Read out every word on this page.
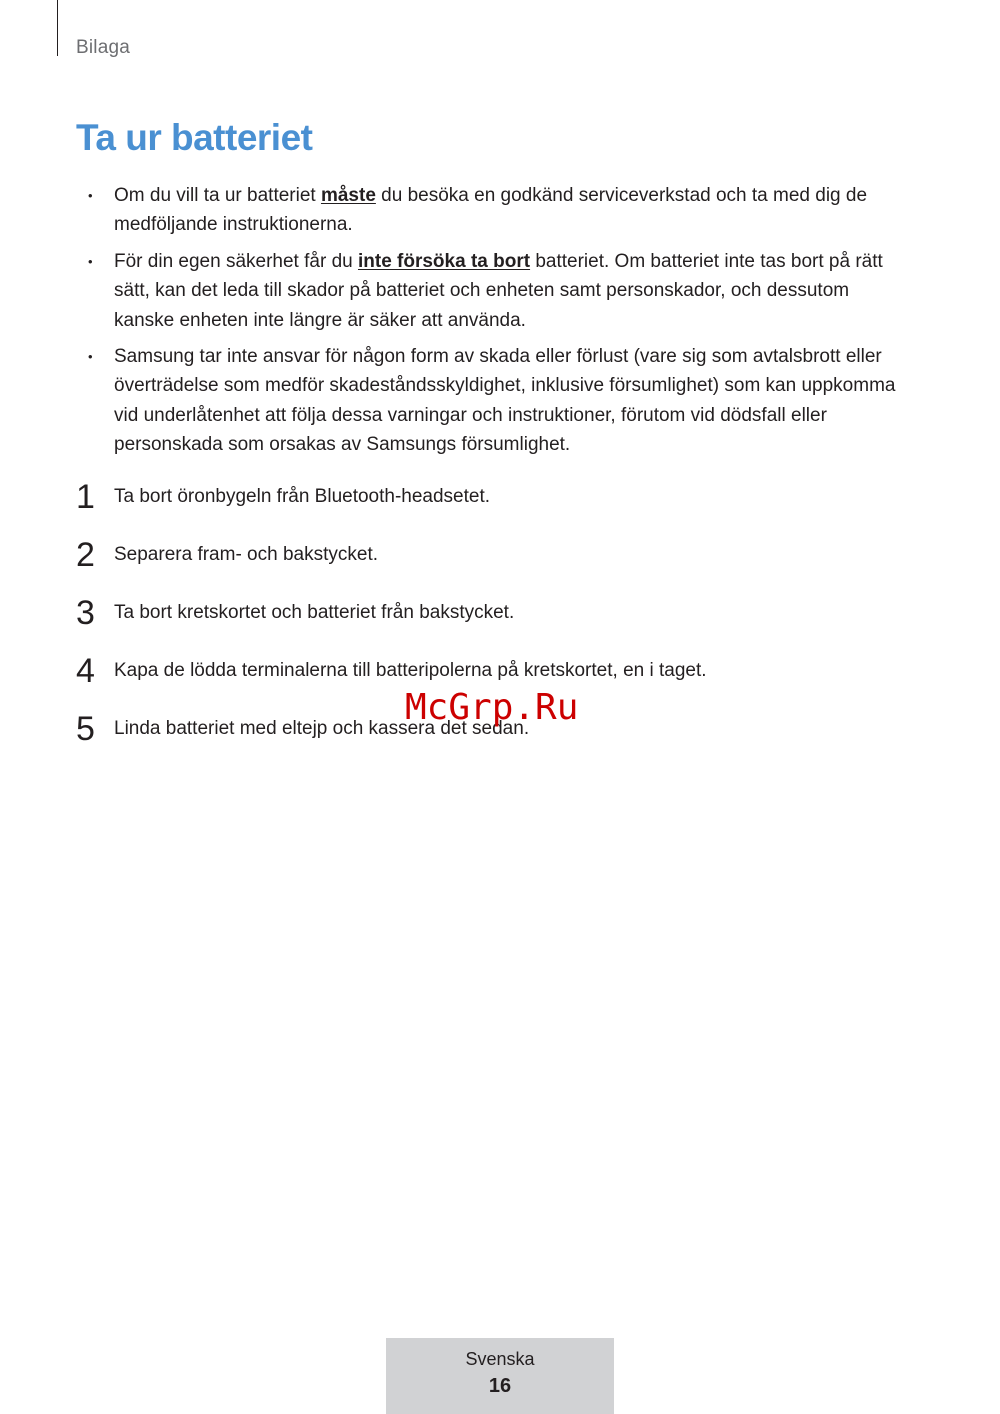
Bilaga
Ta ur batteriet
• Om du vill ta ur batteriet måste du besöka en godkänd serviceverkstad och ta med dig de medföljande instruktionerna.
• För din egen säkerhet får du inte försöka ta bort batteriet. Om batteriet inte tas bort på rätt sätt, kan det leda till skador på batteriet och enheten samt personskador, och dessutom kanske enheten inte längre är säker att använda.
• Samsung tar inte ansvar för någon form av skada eller förlust (vare sig som avtalsbrott eller överträdelse som medför skadeståndsskyldighet, inklusive försumlighet) som kan uppkomma vid underlåtenhet att följa dessa varningar och instruktioner, förutom vid dödsfall eller personskada som orsakas av Samsungs försumlighet.
1 Ta bort öronbygeln från Bluetooth-headsetet.
2 Separera fram- och bakstycket.
3 Ta bort kretskortet och batteriet från bakstycket.
4 Kapa de lödda terminalerna till batteripolerna på kretskortet, en i taget.
5 Linda batteriet med eltejp och kassera det sedan.
McGrp.Ru
Svenska
16
